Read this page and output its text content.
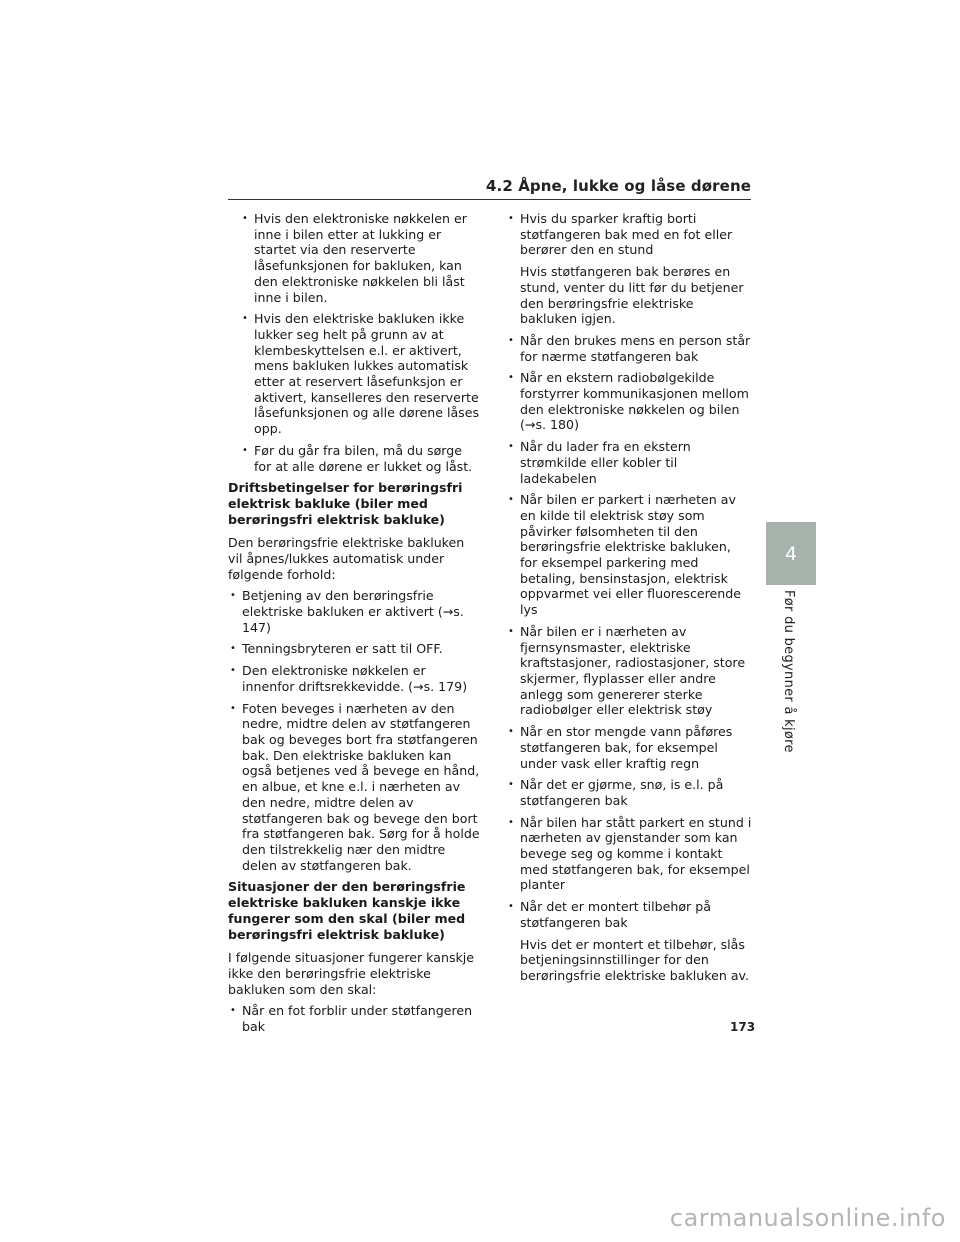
4.2 Åpne, lukke og låse dørene
• Hvis den elektroniske nøkkelen er inne i bilen etter at lukking er startet via den reserverte låsefunksjonen for bakluken, kan den elektroniske nøkkelen bli låst inne i bilen.
• Hvis den elektriske bakluken ikke lukker seg helt på grunn av at klembeskyttelsen e.l. er aktivert, mens bakluken lukkes automatisk etter at reservert låsefunksjon er aktivert, kanselleres den reserverte låsefunksjonen og alle dørene låses opp.
• Før du går fra bilen, må du sørge for at alle dørene er lukket og låst.
Driftsbetingelser for berøringsfri elektrisk bakluke (biler med berøringsfri elektrisk bakluke)
Den berøringsfrie elektriske bakluken vil åpnes/lukkes automatisk under følgende forhold:
• Betjening av den berøringsfrie elektriske bakluken er aktivert (→s. 147)
• Tenningsbryteren er satt til OFF.
• Den elektroniske nøkkelen er innenfor driftsrekkevidde. (→s. 179)
• Foten beveges i nærheten av den nedre, midtre delen av støtfangeren bak og beveges bort fra støtfangeren bak. Den elektriske bakluken kan også betjenes ved å bevege en hånd, en albue, et kne e.l. i nærheten av den nedre, midtre delen av støtfangeren bak og bevege den bort fra støtfangeren bak. Sørg for å holde den tilstrekkelig nær den midtre delen av støtfangeren bak.
Situasjoner der den berøringsfrie elektriske bakluken kanskje ikke fungerer som den skal (biler med berøringsfri elektrisk bakluke)
I følgende situasjoner fungerer kanskje ikke den berøringsfrie elektriske bakluken som den skal:
• Når en fot forblir under støtfangeren bak
• Hvis du sparker kraftig borti støtfangeren bak med en fot eller berører den en stund
Hvis støtfangeren bak berøres en stund, venter du litt før du betjener den berøringsfrie elektriske bakluken igjen.
• Når den brukes mens en person står for nærme støtfangeren bak
• Når en ekstern radiobølgekilde forstyrrer kommunikasjonen mellom den elektroniske nøkkelen og bilen (→s. 180)
• Når du lader fra en ekstern strømkilde eller kobler til ladekabelen
• Når bilen er parkert i nærheten av en kilde til elektrisk støy som påvirker følsomheten til den berøringsfrie elektriske bakluken, for eksempel parkering med betaling, bensinstasjon, elektrisk oppvarmet vei eller fluorescerende lys
• Når bilen er i nærheten av fjernsynsmaster, elektriske kraftstasjoner, radiostasjoner, store skjermer, flyplasser eller andre anlegg som genererer sterke radiobølger eller elektrisk støy
• Når en stor mengde vann påføres støtfangeren bak, for eksempel under vask eller kraftig regn
• Når det er gjørme, snø, is e.l. på støtfangeren bak
• Når bilen har stått parkert en stund i nærheten av gjenstander som kan bevege seg og komme i kontakt med støtfangeren bak, for eksempel planter
• Når det er montert tilbehør på støtfangeren bak
Hvis det er montert et tilbehør, slås betjeningsinnstillinger for den berøringsfrie elektriske bakluken av.
4
Før du begynner å kjøre
173
carmanualsonline.info
